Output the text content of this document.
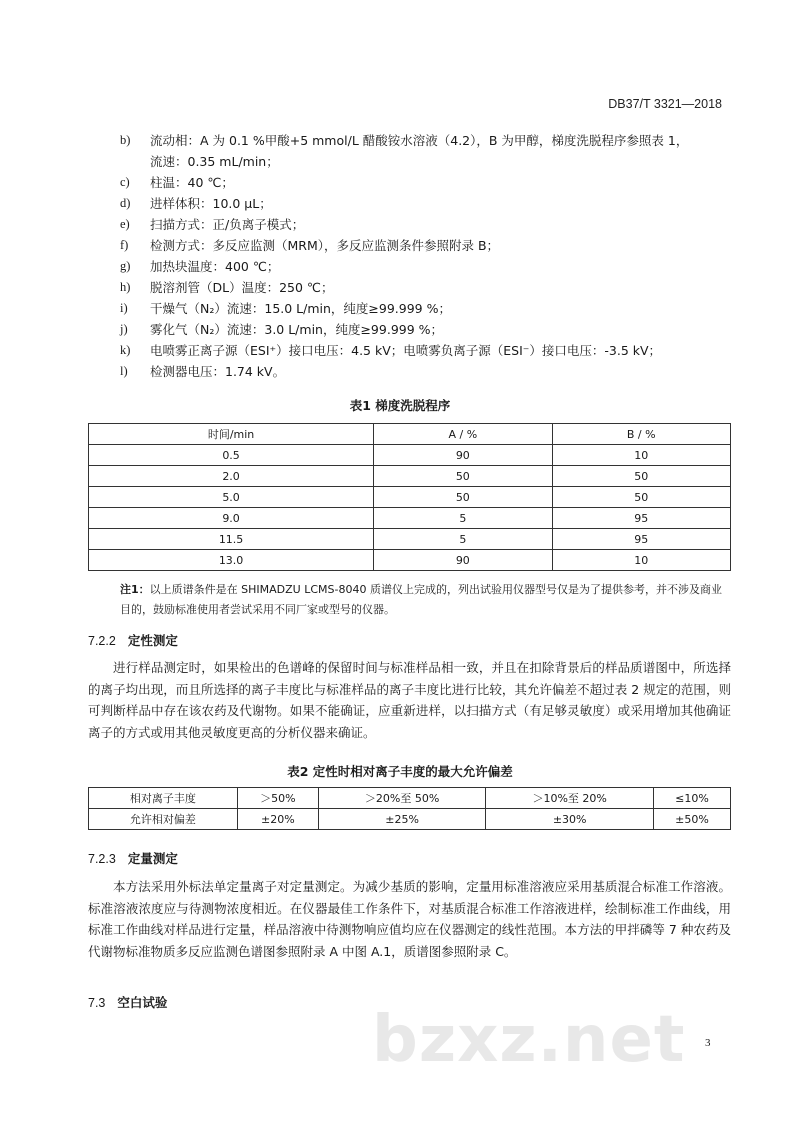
DB37/T 3321—2018
b)	流动相：A 为 0.1 %甲酸+5 mmol/L 醋酸铵水溶液（4.2），B 为甲醇，梯度洗脱程序参照表 1，
流速：0.35 mL/min；
c)	柱温：40 ℃；
d)	进样体积：10.0 μL；
e)	扫描方式：正/负离子模式；
f)	检测方式：多反应监测（MRM），多反应监测条件参照附录 B；
g)	加热块温度：400 ℃；
h)	脱溶剂管（DL）温度：250 ℃；
i)	干燥气（N₂）流速：15.0 L/min，纯度≥99.999 %；
j)	雾化气（N₂）流速：3.0 L/min，纯度≥99.999 %；
k)	电喷雾正离子源（ESI⁺）接口电压：4.5 kV；电喷雾负离子源（ESI⁻）接口电压：-3.5 kV；
l)	检测器电压：1.74 kV。
表1 梯度洗脱程序
时间/min	A / %	B / %
0.5	90	10
2.0	50	50
5.0	50	50
9.0	5	95
11.5	5	95
13.0	90	10
注1：以上质谱条件是在 SHIMADZU LCMS-8040 质谱仪上完成的，列出试验用仪器型号仅是为了提供参考，并不涉及商业目的，鼓励标准使用者尝试采用不同厂家或型号的仪器。
7.2.2 定性测定
进行样品测定时，如果检出的色谱峰的保留时间与标准样品相一致，并且在扣除背景后的样品质谱图中，所选择的离子均出现，而且所选择的离子丰度比与标准样品的离子丰度比进行比较，其允许偏差不超过表 2 规定的范围，则可判断样品中存在该农药及代谢物。如果不能确证，应重新进样，以扫描方式（有足够灵敏度）或采用增加其他确证离子的方式或用其他灵敏度更高的分析仪器来确证。
表2 定性时相对离子丰度的最大允许偏差
相对离子丰度	＞50%	＞20%至 50%	＞10%至 20%	≤10%
允许相对偏差	±20%	±25%	±30%	±50%
7.2.3 定量测定
本方法采用外标法单定量离子对定量测定。为减少基质的影响，定量用标准溶液应采用基质混合标准工作溶液。标准溶液浓度应与待测物浓度相近。在仪器最佳工作条件下，对基质混合标准工作溶液进样，绘制标准工作曲线，用标准工作曲线对样品进行定量，样品溶液中待测物响应值均应在仪器测定的线性范围。本方法的甲拌磷等 7 种农药及代谢物标准物质多反应监测色谱图参照附录 A 中图 A.1，质谱图参照附录 C。
7.3 空白试验
bzxz.net 3
